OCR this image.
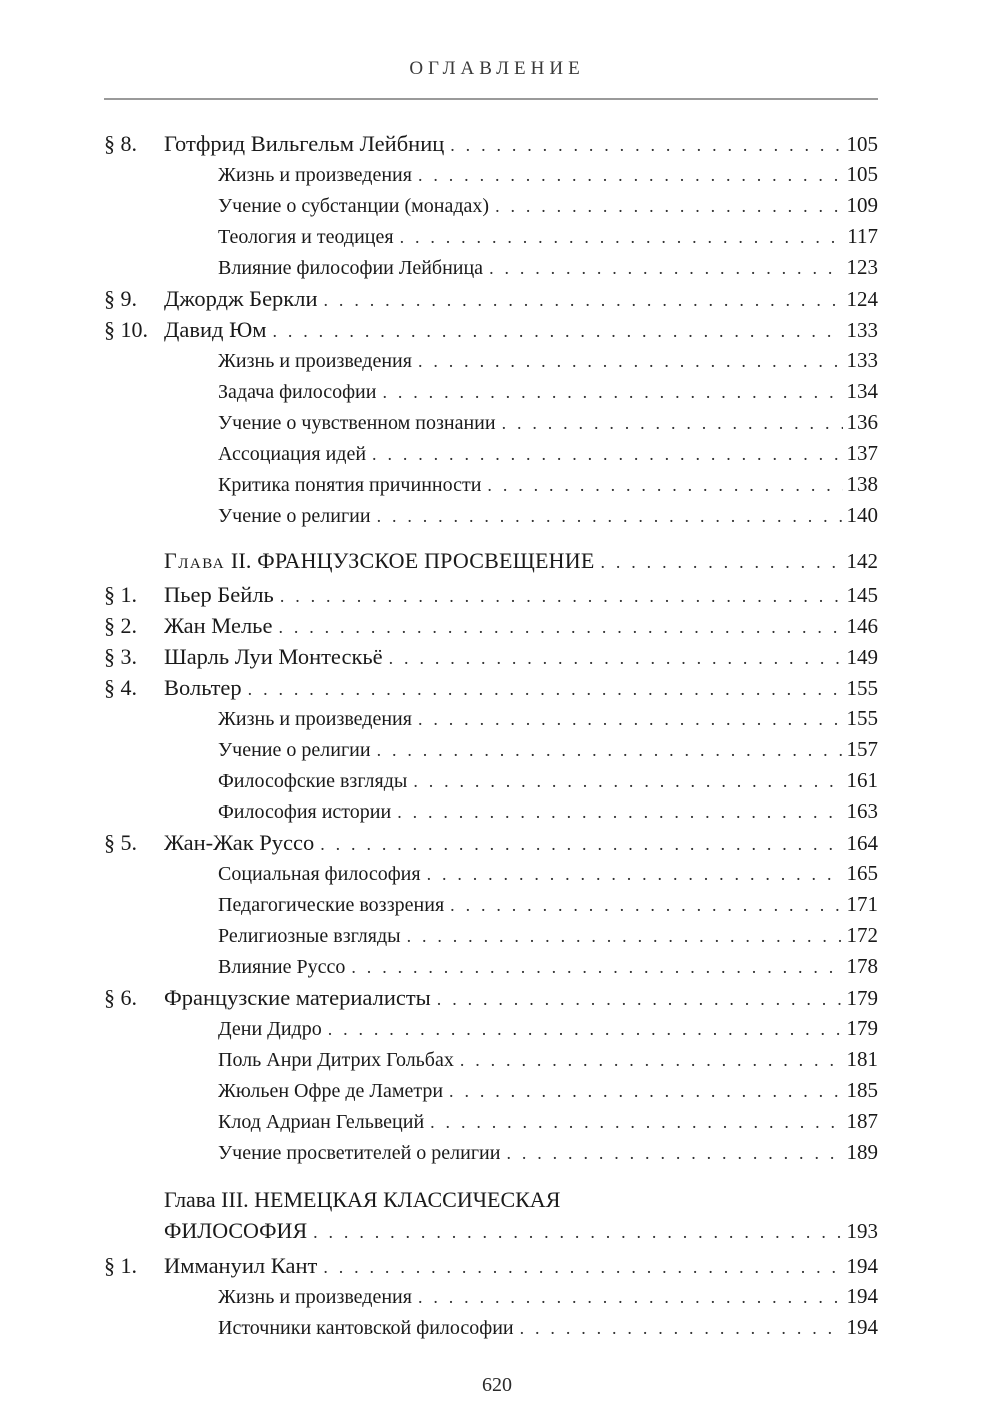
ОГЛАВЛЕНИЕ
§ 8.	Готфрид Вильгельм Лейбниц . . .	105
Жизнь и произведения . . .	105
Учение о субстанции (монадах) . . .	109
Теология и теодицея . . .	117
Влияние философии Лейбница . . .	123
§ 9.	Джордж Беркли . . .	124
§ 10. Давид Юм . . .	133
Жизнь и произведения . . .	133
Задача философии . . .	134
Учение о чувственном познании . . .	136
Ассоциация идей . . .	137
Критика понятия причинности . . .	138
Учение о религии . . .	140
Глава II. ФРАНЦУЗСКОЕ ПРОСВЕЩЕНИЕ . . .	142
§ 1.	Пьер Бейль . . .	145
§ 2.	Жан Мелье . . .	146
§ 3.	Шарль Луи Монтескьё . . .	149
§ 4.	Вольтер . . .	155
Жизнь и произведения . . .	155
Учение о религии . . .	157
Философские взгляды . . .	161
Философия истории . . .	163
§ 5.	Жан-Жак Руссо . . .	164
Социальная философия . . .	165
Педагогические воззрения . . .	171
Религиозные взгляды . . .	172
Влияние Руссо . . .	178
§ 6.	Французские материалисты . . .	179
Дени Дидро . . .	179
Поль Анри Дитрих Гольбах . . .	181
Жюльен Офре де Ламетри . . .	185
Клод Адриан Гельвеций . . .	187
Учение просветителей о религии . . .	189
Глава III. НЕМЕЦКАЯ КЛАССИЧЕСКАЯ
ФИЛОСОФИЯ . . .	193
§ 1.	Иммануил Кант . . .	194
Жизнь и произведения . . .	194
Источники кантовской философии . . .	194
620
